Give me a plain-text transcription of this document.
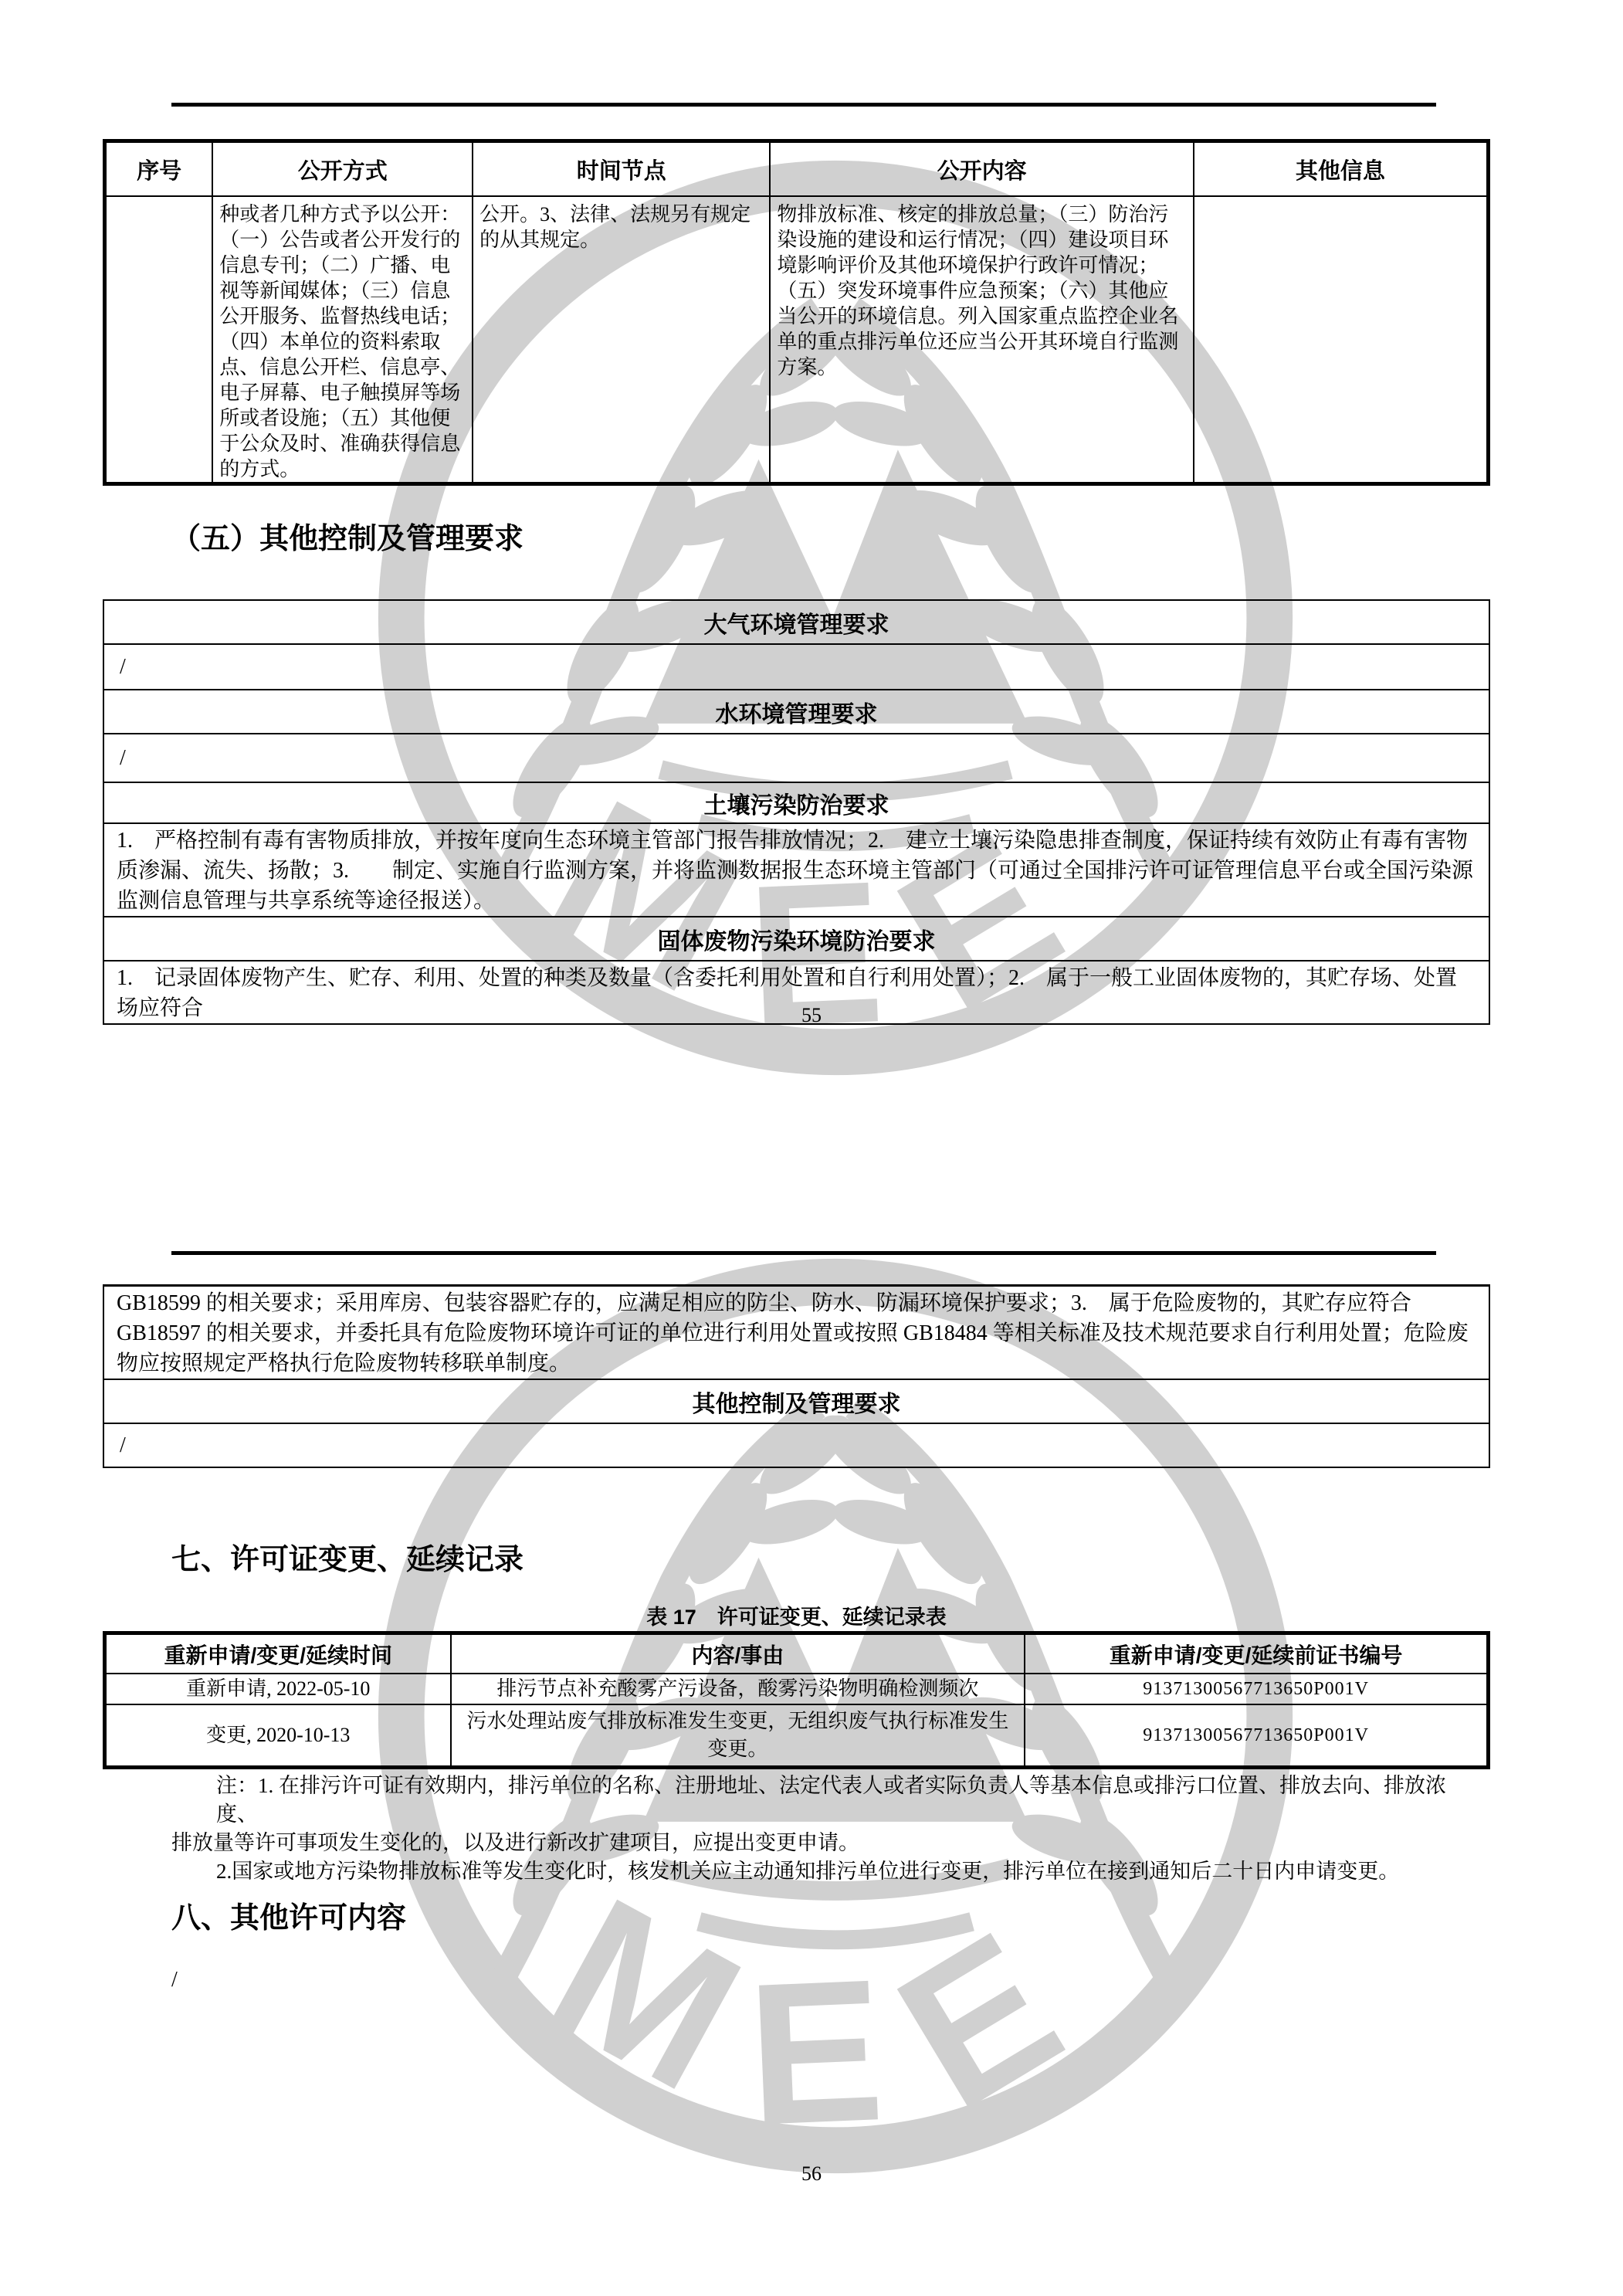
序号	公开方式	时间节点	公开内容	其他信息
	种或者几种方式予以公开：（一）公告或者公开发行的信息专刊；（二）广播、电视等新闻媒体；（三）信息公开服务、监督热线电话；（四）本单位的资料索取点、信息公开栏、信息亭、电子屏幕、电子触摸屏等场所或者设施；（五）其他便于公众及时、准确获得信息的方式。	公开。3、法律、法规另有规定的从其规定。	物排放标准、核定的排放总量；（三）防治污染设施的建设和运行情况；（四）建设项目环境影响评价及其他环境保护行政许可情况；（五）突发环境事件应急预案；（六）其他应当公开的环境信息。列入国家重点监控企业名单的重点排污单位还应当公开其环境自行监测方案。	
（五）其他控制及管理要求
大气环境管理要求
/
水环境管理要求
/
土壤污染防治要求
1.　严格控制有毒有害物质排放，并按年度向生态环境主管部门报告排放情况；2.　建立土壤污染隐患排查制度，保证持续有效防止有毒有害物质渗漏、流失、扬散；3.　　制定、实施自行监测方案，并将监测数据报生态环境主管部门（可通过全国排污许可证管理信息平台或全国污染源监测信息管理与共享系统等途径报送）。
固体废物污染环境防治要求
1.　记录固体废物产生、贮存、利用、处置的种类及数量（含委托利用处置和自行利用处置）；2.　属于一般工业固体废物的，其贮存场、处置场应符合	55
GB18599 的相关要求；采用库房、包装容器贮存的，应满足相应的防尘、防水、防漏环境保护要求；3.　属于危险废物的，其贮存应符合 GB18597 的相关要求，并委托具有危险废物环境许可证的单位进行利用处置或按照 GB18484 等相关标准及技术规范要求自行利用处置；危险废物应按照规定严格执行危险废物转移联单制度。
其他控制及管理要求
/
七、许可证变更、延续记录
表 17　许可证变更、延续记录表
重新申请/变更/延续时间	内容/事由	重新申请/变更/延续前证书编号
重新申请, 2022-05-10	排污节点补充酸雾产污设备，酸雾污染物明确检测频次	91371300567713650P001V
变更, 2020-10-13	污水处理站废气排放标准发生变更，无组织废气执行标准发生变更。	91371300567713650P001V
注：1. 在排污许可证有效期内，排污单位的名称、注册地址、法定代表人或者实际负责人等基本信息或排污口位置、排放去向、排放浓度、
排放量等许可事项发生变化的，以及进行新改扩建项目，应提出变更申请。
2.国家或地方污染物排放标准等发生变化时，核发机关应主动通知排污单位进行变更，排污单位在接到通知后二十日内申请变更。
八、其他许可内容
/
56
